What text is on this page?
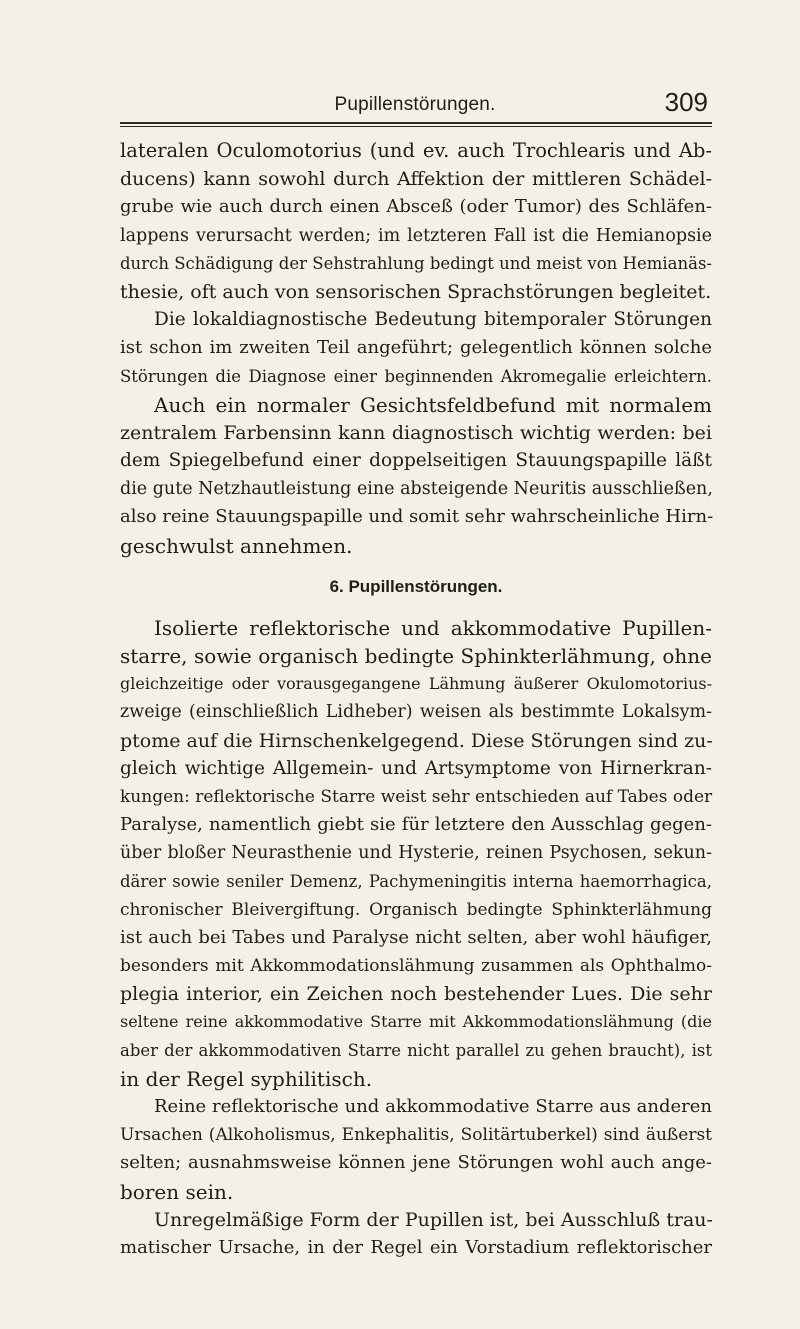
Pupillenstörungen.	309
lateralen Oculomotorius (und ev. auch Trochlearis und Ab-
ducens) kann sowohl durch Affektion der mittleren Schädel-
grube wie auch durch einen Absceß (oder Tumor) des Schläfen-
lappens verursacht werden; im letzteren Fall ist die Hemianopsie
durch Schädigung der Sehstrahlung bedingt und meist von Hemianäs-
thesie, oft auch von sensorischen Sprachstörungen begleitet.
Die lokaldiagnostische Bedeutung bitemporaler Störungen
ist schon im zweiten Teil angeführt; gelegentlich können solche
Störungen die Diagnose einer beginnenden Akromegalie erleichtern.
Auch ein normaler Gesichtsfeldbefund mit normalem
zentralem Farbensinn kann diagnostisch wichtig werden: bei
dem Spiegelbefund einer doppelseitigen Stauungspapille läßt
die gute Netzhautleistung eine absteigende Neuritis ausschließen,
also reine Stauungspapille und somit sehr wahrscheinliche Hirn-
geschwulst annehmen.
6. Pupillenstörungen.
Isolierte reflektorische und akkommodative Pupillen-
starre, sowie organisch bedingte Sphinkterlähmung, ohne
gleichzeitige oder vorausgegangene Lähmung äußerer Okulomotorius-
zweige (einschließlich Lidheber) weisen als bestimmte Lokalsym-
ptome auf die Hirnschenkelgegend. Diese Störungen sind zu-
gleich wichtige Allgemein- und Artsymptome von Hirnerkran-
kungen: reflektorische Starre weist sehr entschieden auf Tabes oder
Paralyse, namentlich giebt sie für letztere den Ausschlag gegen-
über bloßer Neurasthenie und Hysterie, reinen Psychosen, sekun-
därer sowie seniler Demenz, Pachymeningitis interna haemorrhagica,
chronischer Bleivergiftung. Organisch bedingte Sphinkterlähmung
ist auch bei Tabes und Paralyse nicht selten, aber wohl häufiger,
besonders mit Akkommodationslähmung zusammen als Ophthalmo-
plegia interior, ein Zeichen noch bestehender Lues. Die sehr
seltene reine akkommodative Starre mit Akkommodationslähmung (die
aber der akkommodativen Starre nicht parallel zu gehen braucht), ist
in der Regel syphilitisch.
Reine reflektorische und akkommodative Starre aus anderen
Ursachen (Alkoholismus, Enkephalitis, Solitärtuberkel) sind äußerst
selten; ausnahmsweise können jene Störungen wohl auch ange-
boren sein.
Unregelmäßige Form der Pupillen ist, bei Ausschluß trau-
matischer Ursache, in der Regel ein Vorstadium reflektorischer
